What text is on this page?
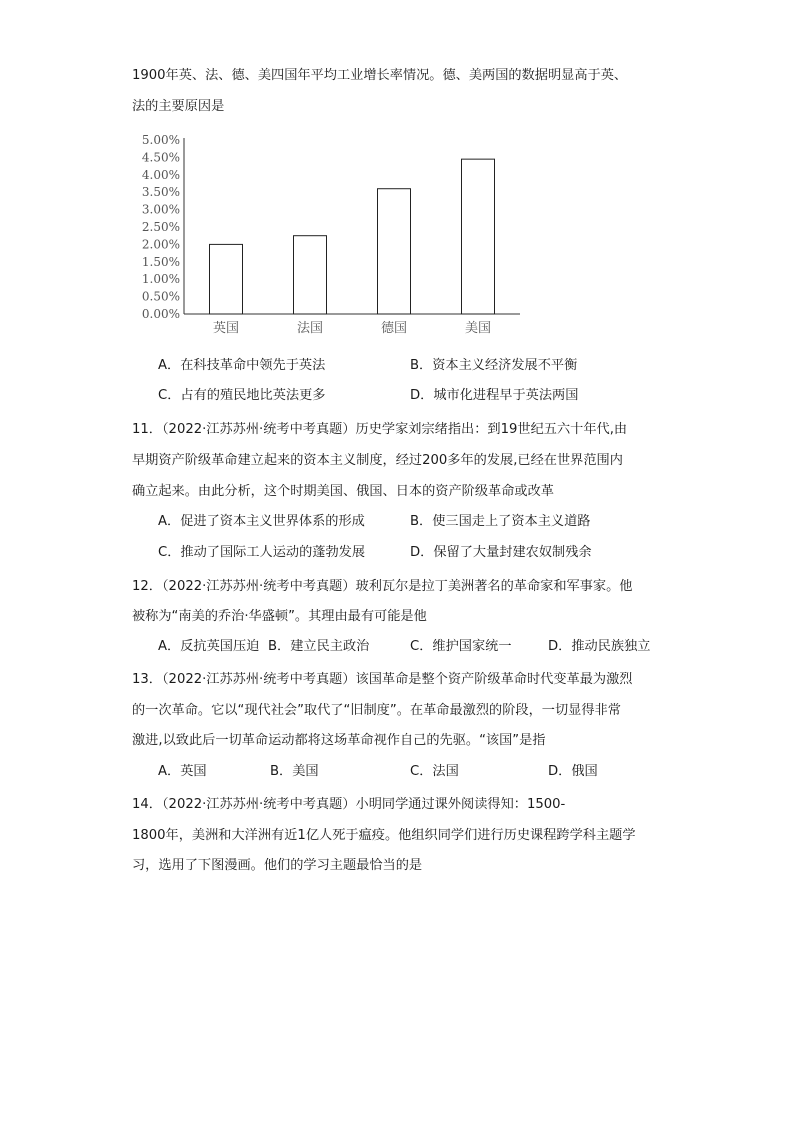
1900年英、法、德、美四国年平均工业增长率情况。德、美两国的数据明显高于英、
法的主要原因是
0.00%
0.50%
1.00%
1.50%
2.00%
2.50%
3.00%
3.50%
4.00%
4.50%
5.00%
英国	法国	德国	美国
A．在科技革命中领先于英法	B．资本主义经济发展不平衡
C．占有的殖民地比英法更多	D．城市化进程早于英法两国
11．（2022·江苏苏州·统考中考真题）历史学家刘宗绪指出：到19世纪五六十年代,由
早期资产阶级革命建立起来的资本主义制度，经过200多年的发展,已经在世界范围内
确立起来。由此分析，这个时期美国、俄国、日本的资产阶级革命或改革
A．促进了资本主义世界体系的形成	B．使三国走上了资本主义道路
C．推动了国际工人运动的蓬勃发展	D．保留了大量封建农奴制残余
12．（2022·江苏苏州·统考中考真题）玻利瓦尔是拉丁美洲著名的革命家和军事家。他
被称为“南美的乔治·华盛顿”。其理由最有可能是他
A．反抗英国压迫 B．建立民主政治	C．维护国家统一	D．推动民族独立
13．（2022·江苏苏州·统考中考真题）该国革命是整个资产阶级革命时代变革最为激烈
的一次革命。它以“现代社会”取代了“旧制度”。在革命最激烈的阶段，一切显得非常
激进,以致此后一切革命运动都将这场革命视作自己的先驱。“该国”是指
A．英国	B．美国	C．法国	D．俄国
14．（2022·江苏苏州·统考中考真题）小明同学通过课外阅读得知：1500-
1800年，美洲和大洋洲有近1亿人死于瘟疫。他组织同学们进行历史课程跨学科主题学
习，选用了下图漫画。他们的学习主题最恰当的是
